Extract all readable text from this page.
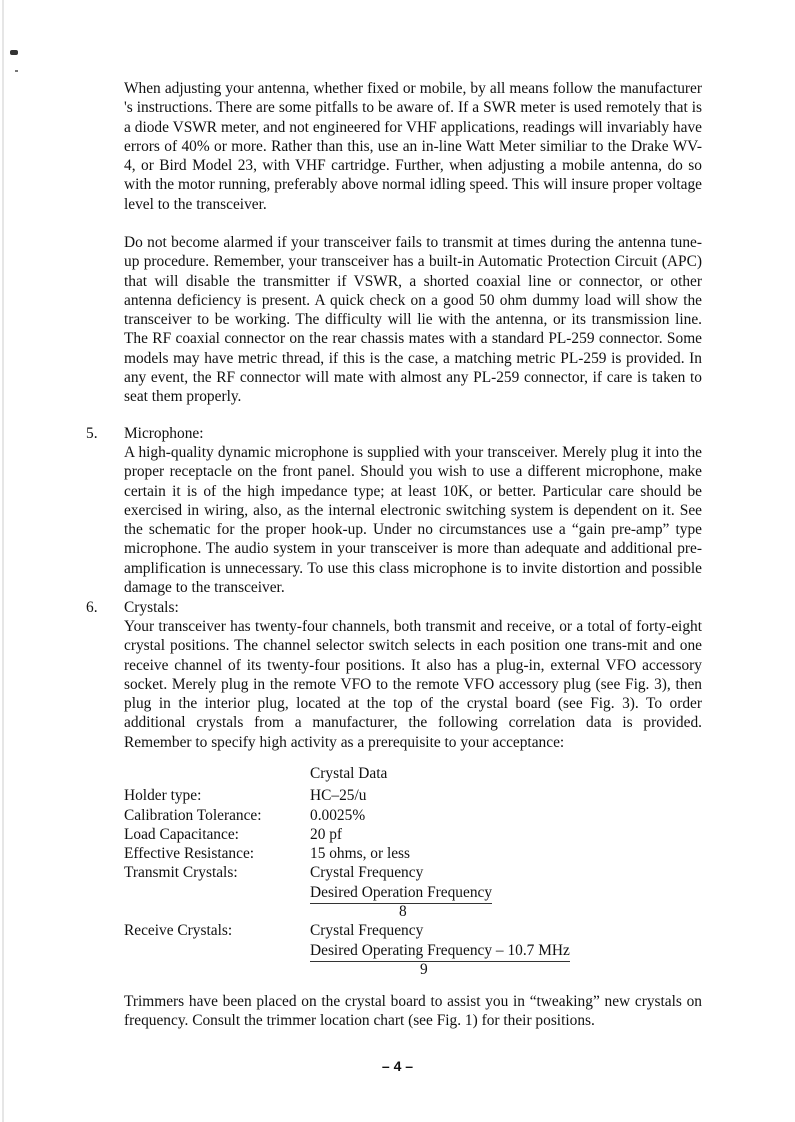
When adjusting your antenna, whether fixed or mobile, by all means follow the manufacturer 's instructions. There are some pitfalls to be aware of. If a SWR meter is used remotely that is a diode VSWR meter, and not engineered for VHF applications, readings will invariably have errors of 40% or more. Rather than this, use an in-line Watt Meter similiar to the Drake WV-4, or Bird Model 23, with VHF cartridge. Further, when adjusting a mobile antenna, do so with the motor running, preferably above normal idling speed. This will insure proper voltage level to the transceiver.

Do not become alarmed if your transceiver fails to transmit at times during the antenna tune-up procedure. Remember, your transceiver has a built-in Automatic Protection Circuit (APC) that will disable the transmitter if VSWR, a shorted coaxial line or connector, or other antenna deficiency is present. A quick check on a good 50 ohm dummy load will show the transceiver to be working. The difficulty will lie with the antenna, or its transmission line. The RF coaxial connector on the rear chassis mates with a standard PL-259 connector. Some models may have metric thread, if this is the case, a matching metric PL-259 is provided. In any event, the RF connector will mate with almost any PL-259 connector, if care is taken to seat them properly.

5. Microphone:

A high-quality dynamic microphone is supplied with your transceiver. Merely plug it into the proper receptacle on the front panel. Should you wish to use a different microphone, make certain it is of the high impedance type; at least 10K, or better. Particular care should be exercised in wiring, also, as the internal electronic switching system is dependent on it. See the schematic for the proper hook-up. Under no circumstances use a “gain pre-amp” type microphone. The audio system in your transceiver is more than adequate and additional pre-amplification is unnecessary. To use this class microphone is to invite distortion and possible damage to the transceiver.

6. Crystals:

Your transceiver has twenty-four channels, both transmit and receive, or a total of forty-eight crystal positions. The channel selector switch selects in each position one trans-mit and one receive channel of its twenty-four positions. It also has a plug-in, external VFO accessory socket. Merely plug in the remote VFO to the remote VFO accessory plug (see Fig. 3), then plug in the interior plug, located at the top of the crystal board (see Fig. 3). To order additional crystals from a manufacturer, the following correlation data is provided. Remember to specify high activity as a prerequisite to your acceptance:

Crystal Data
Holder type:	HC–25/u
Calibration Tolerance:	0.0025%
Load Capacitance:	20 pf
Effective Resistance:	15 ohms, or less
Transmit Crystals:	Crystal Frequency
Desired Operation Frequency
8
Receive Crystals:	Crystal Frequency
Desired Operating Frequency – 10.7 MHz
9

Trimmers have been placed on the crystal board to assist you in “tweaking” new crystals on frequency. Consult the trimmer location chart (see Fig. 1) for their positions.

– 4 –
